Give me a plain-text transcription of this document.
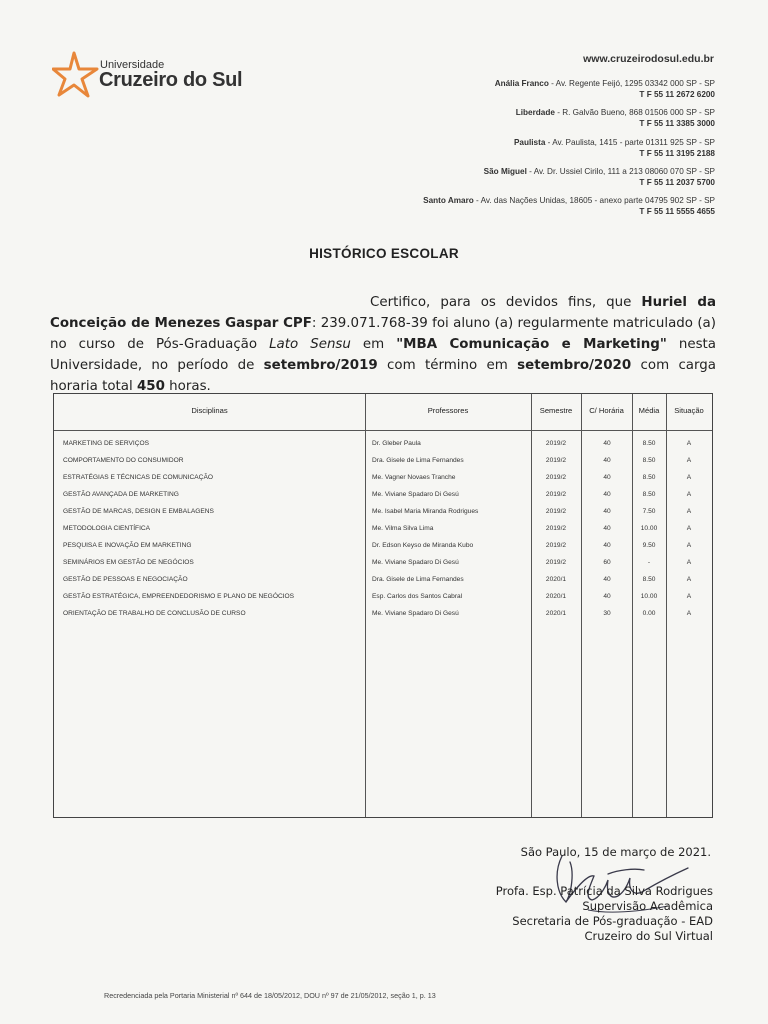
Universidade
Cruzeiro do Sul
www.cruzeirodosul.edu.br
Anália Franco - Av. Regente Feijó, 1295 03342 000 SP - SP
T F 55 11 2672 6200
Liberdade - R. Galvão Bueno, 868 01506 000 SP - SP
T F 55 11 3385 3000
Paulista - Av. Paulista, 1415 - parte 01311 925 SP - SP
T F 55 11 3195 2188
São Miguel - Av. Dr. Ussiel Cirilo, 111 a 213 08060 070 SP - SP
T F 55 11 2037 5700
Santo Amaro - Av. das Nações Unidas, 18605 - anexo parte 04795 902 SP - SP
T F 55 11 5555 4655
HISTÓRICO ESCOLAR

Certifico, para os devidos fins, que Huriel da Conceição de Menezes Gaspar CPF: 239.071.768-39 foi aluno (a) regularmente matriculado (a) no curso de Pós-Graduação Lato Sensu em "MBA Comunicação e Marketing" nesta Universidade, no período de setembro/2019 com término em setembro/2020 com carga horaria total 450 horas.

Disciplinas	Professores	Semestre	C/ Horária	Média	Situação
MARKETING DE SERVIÇOS	Dr. Gleber Paula	2019/2	40	8.50	A
COMPORTAMENTO DO CONSUMIDOR	Dra. Gisele de Lima Fernandes	2019/2	40	8.50	A
ESTRATÉGIAS E TÉCNICAS DE COMUNICAÇÃO	Me. Vagner Novaes Tranche	2019/2	40	8.50	A
GESTÃO AVANÇADA DE MARKETING	Me. Viviane Spadaro Di Gesú	2019/2	40	8.50	A
GESTÃO DE MARCAS, DESIGN E EMBALAGENS	Me. Isabel Maria Miranda Rodrigues	2019/2	40	7.50	A
METODOLOGIA CIENTÍFICA	Me. Vilma Silva Lima	2019/2	40	10.00	A
PESQUISA E INOVAÇÃO EM MARKETING	Dr. Edson Keyso de Miranda Kubo	2019/2	40	9.50	A
SEMINÁRIOS EM GESTÃO DE NEGÓCIOS	Me. Viviane Spadaro Di Gesú	2019/2	60	-	A
GESTÃO DE PESSOAS E NEGOCIAÇÃO	Dra. Gisele de Lima Fernandes	2020/1	40	8.50	A
GESTÃO ESTRATÉGICA, EMPREENDEDORISMO E PLANO DE NEGÓCIOS	Esp. Carlos dos Santos Cabral	2020/1	40	10.00	A
ORIENTAÇÃO DE TRABALHO DE CONCLUSÃO DE CURSO	Me. Viviane Spadaro Di Gesú	2020/1	30	0.00	A
São Paulo, 15 de março de 2021.
Profa. Esp. Patrícia da Silva Rodrigues
Supervisão Acadêmica
Secretaria de Pós-graduação - EAD
Cruzeiro do Sul Virtual
Recredenciada pela Portaria Ministerial nº 644 de 18/05/2012, DOU nº 97 de 21/05/2012, seção 1, p. 13
